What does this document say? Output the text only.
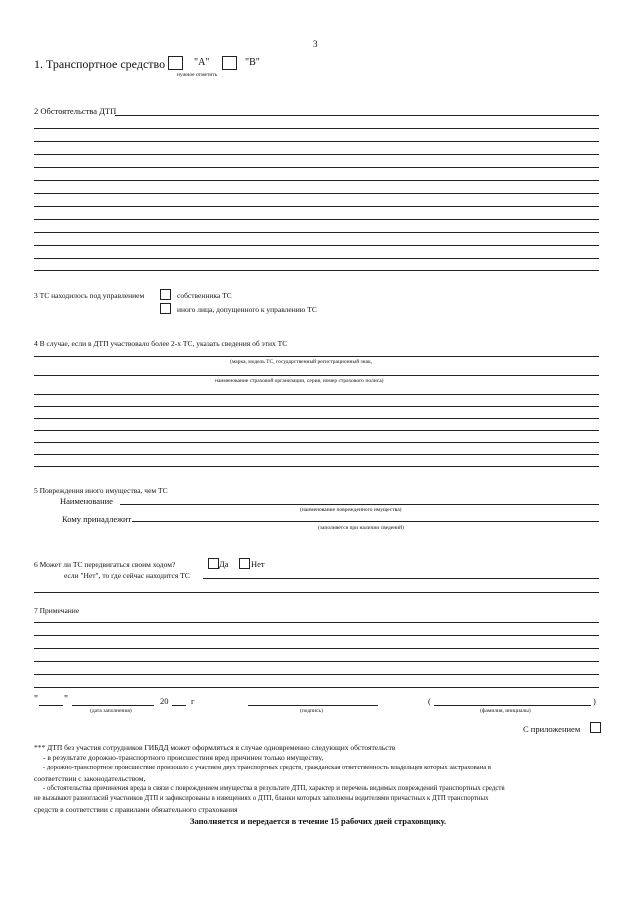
3
1. Транспортное средство	"A"	"B"
нужное отметить
2 Обстоятельства ДТП
3 ТС находилось под управлением	собственника ТС
иного лица, допущенного к управлению ТС
4 В случае, если в ДТП участвовало более 2-х ТС, указать сведения об этих ТС
(марка, модель ТС, государственный регистрационный знак,
наименование страховой организации, серия, номер страхового полиса)
5 Повреждения иного имущества, чем ТС
Наименование
(наименование поврежденного имущества)
Кому принадлежит
(заполняется при наличии сведений)
6 Может ли ТС передвигаться своим ходом?	Да	Нет
если "Нет", то где сейчас находится ТС
7 Примечание
"	"	20	г
(дата заполнения)	(подпись)
(	)
(фамилия, инициалы)
С приложением
*** ДТП без участия сотрудников ГИБДД может оформляться в случае одновременно следующих обстоятельств
- в результате дорожно-транспортного происшествия вред причинен только имуществу,
- дорожно-транспортное происшествие произошло с участием двух транспортных средств, гражданская ответственность владельцев которых застрахована в
соответствии с законодательством,
- обстоятельства причинения вреда в связи с повреждением имущества в результате ДТП, характер и перечень видимых повреждений транспортных средств
не вызывают разногласий участников ДТП и зафиксированы в извещениях о ДТП, бланки которых заполнены водителями причастных к ДТП транспортных
средств в соответствии с правилами обязательного страхования
Заполняется и передается в течение 15 рабочих дней страховщику.
